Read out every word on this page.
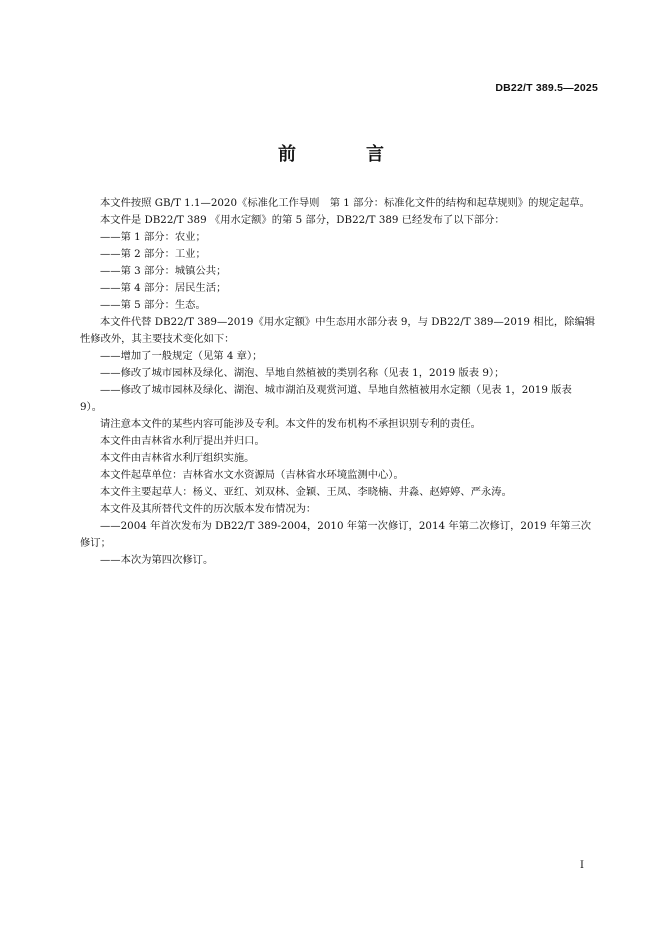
DB22/T 389.5—2025
前　言

本文件按照 GB/T 1.1—2020《标准化工作导则　第 1 部分：标准化文件的结构和起草规则》的规定起草。

本文件是 DB22/T 389 《用水定额》的第 5 部分，DB22/T 389 已经发布了以下部分：

——第 1 部分：农业；

——第 2 部分：工业；

——第 3 部分：城镇公共；

——第 4 部分：居民生活；

——第 5 部分：生态。

本文件代替 DB22/T 389—2019《用水定额》中生态用水部分表 9，与 DB22/T 389—2019 相比，除编辑性修改外，其主要技术变化如下：

——增加了一般规定（见第 4 章）；

——修改了城市园林及绿化、湖泡、旱地自然植被的类别名称（见表 1，2019 版表 9）；

——修改了城市园林及绿化、湖泡、城市湖泊及观赏河道、旱地自然植被用水定额（见表 1，2019 版表 9）。

请注意本文件的某些内容可能涉及专利。本文件的发布机构不承担识别专利的责任。

本文件由吉林省水利厅提出并归口。

本文件由吉林省水利厅组织实施。

本文件起草单位：吉林省水文水资源局（吉林省水环境监测中心）。

本文件主要起草人：杨义、亚红、刘双林、金颖、王凤、李晓楠、井淼、赵婷婷、严永涛。

本文件及其所替代文件的历次版本发布情况为：

——2004 年首次发布为 DB22/T 389-2004，2010 年第一次修订，2014 年第二次修订，2019 年第三次修订；

——本次为第四次修订。

I
